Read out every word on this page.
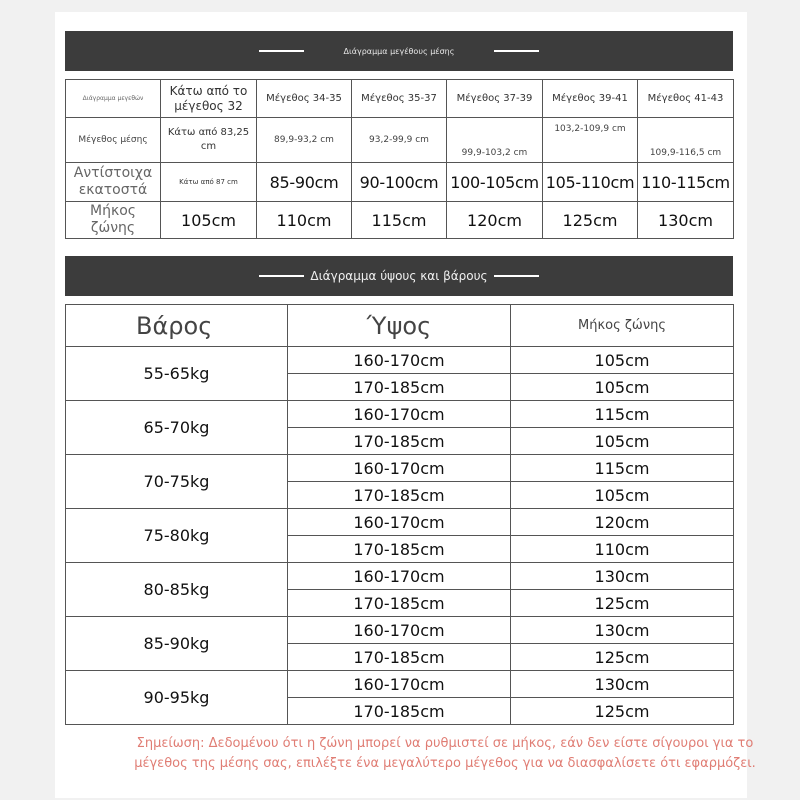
Διάγραμμα μεγέθους μέσης
Διάγραμμα μεγεθών	Κάτω από το μέγεθος 32	Μέγεθος 34-35	Μέγεθος 35-37	Μέγεθος 37-39	Μέγεθος 39-41	Μέγεθος 41-43
Μέγεθος μέσης	Κάτω από 83,25 cm	89,9-93,2 cm	93,2-99,9 cm	99,9-103,2 cm	103,2-109,9 cm	109,9-116,5 cm
Αντίστοιχα εκατοστά	Κάτω από 87 cm	85-90cm	90-100cm	100-105cm	105-110cm	110-115cm
Μήκος ζώνης	105cm	110cm	115cm	120cm	125cm	130cm
Διάγραμμα ύψους και βάρους
Βάρος	Ύψος	Μήκος ζώνης
55-65kg	160-170cm	105cm
	170-185cm	105cm
65-70kg	160-170cm	115cm
	170-185cm	105cm
70-75kg	160-170cm	115cm
	170-185cm	105cm
75-80kg	160-170cm	120cm
	170-185cm	110cm
80-85kg	160-170cm	130cm
	170-185cm	125cm
85-90kg	160-170cm	130cm
	170-185cm	125cm
90-95kg	160-170cm	130cm
	170-185cm	125cm
Σημείωση: Δεδομένου ότι η ζώνη μπορεί να ρυθμιστεί σε μήκος, εάν δεν είστε σίγουροι για το
μέγεθος της μέσης σας, επιλέξτε ένα μεγαλύτερο μέγεθος για να διασφαλίσετε ότι εφαρμόζει.
